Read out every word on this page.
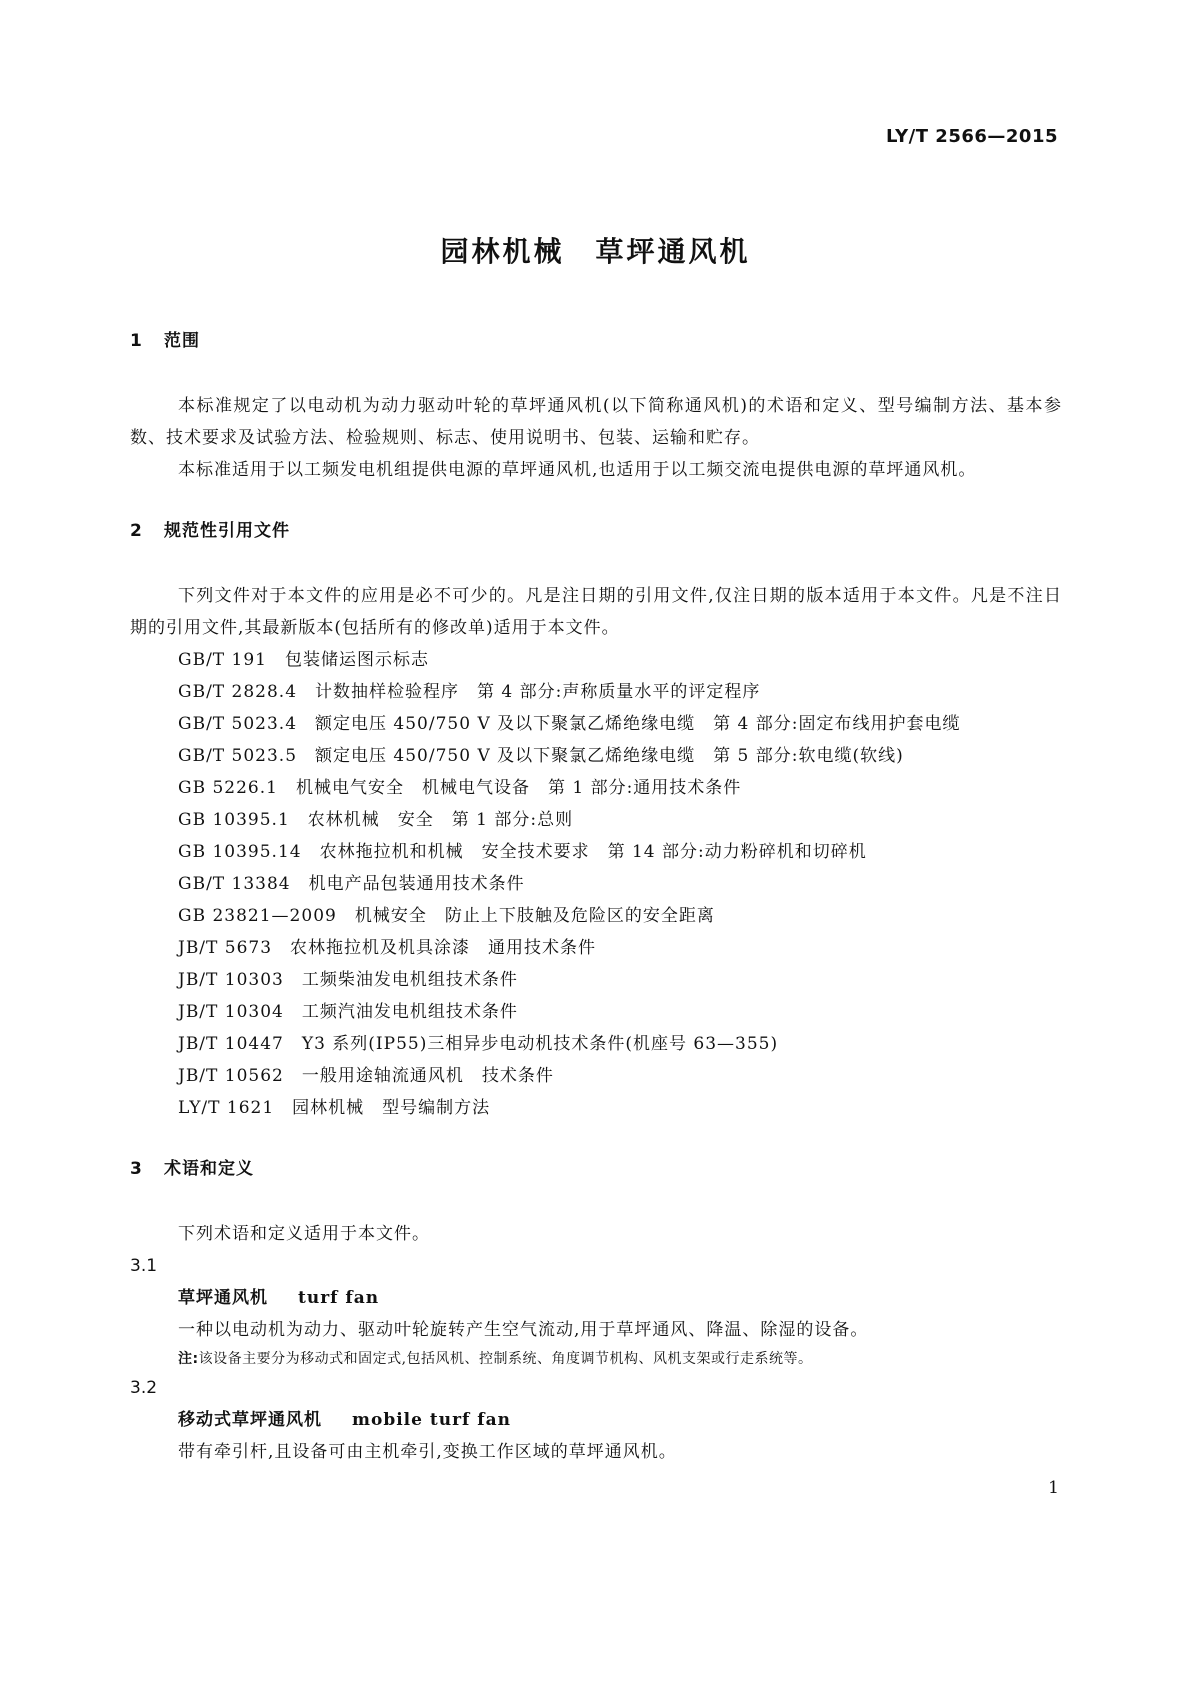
LY/T 2566—2015
园林机械　草坪通风机
1 范围

本标准规定了以电动机为动力驱动叶轮的草坪通风机(以下简称通风机)的术语和定义、型号编制方法、基本参数、技术要求及试验方法、检验规则、标志、使用说明书、包装、运输和贮存。

本标准适用于以工频发电机组提供电源的草坪通风机,也适用于以工频交流电提供电源的草坪通风机。

2 规范性引用文件

下列文件对于本文件的应用是必不可少的。凡是注日期的引用文件,仅注日期的版本适用于本文件。凡是不注日期的引用文件,其最新版本(包括所有的修改单)适用于本文件。

GB/T 191　包装储运图示标志
GB/T 2828.4　计数抽样检验程序　第 4 部分:声称质量水平的评定程序
GB/T 5023.4　额定电压 450/750 V 及以下聚氯乙烯绝缘电缆　第 4 部分:固定布线用护套电缆
GB/T 5023.5　额定电压 450/750 V 及以下聚氯乙烯绝缘电缆　第 5 部分:软电缆(软线)
GB 5226.1　机械电气安全　机械电气设备　第 1 部分:通用技术条件
GB 10395.1　农林机械　安全　第 1 部分:总则
GB 10395.14　农林拖拉机和机械　安全技术要求　第 14 部分:动力粉碎机和切碎机
GB/T 13384　机电产品包装通用技术条件
GB 23821—2009　机械安全　防止上下肢触及危险区的安全距离
JB/T 5673　农林拖拉机及机具涂漆　通用技术条件
JB/T 10303　工频柴油发电机组技术条件
JB/T 10304　工频汽油发电机组技术条件
JB/T 10447　Y3 系列(IP55)三相异步电动机技术条件(机座号 63—355)
JB/T 10562　一般用途轴流通风机　技术条件
LY/T 1621　园林机械　型号编制方法
3 术语和定义

下列术语和定义适用于本文件。

3.1
草坪通风机 turf fan
一种以电动机为动力、驱动叶轮旋转产生空气流动,用于草坪通风、降温、除湿的设备。
注:该设备主要分为移动式和固定式,包括风机、控制系统、角度调节机构、风机支架或行走系统等。
3.2
移动式草坪通风机 mobile turf fan
带有牵引杆,且设备可由主机牵引,变换工作区域的草坪通风机。
1
